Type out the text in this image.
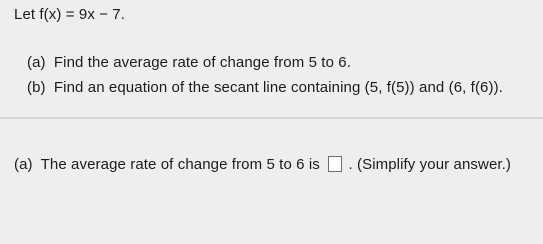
Let f(x) = 9x − 7.
(a) Find the average rate of change from 5 to 6.
(b) Find an equation of the secant line containing (5, f(5)) and (6, f(6)).
(a) The average rate of change from 5 to 6 is . (Simplify your answer.)
